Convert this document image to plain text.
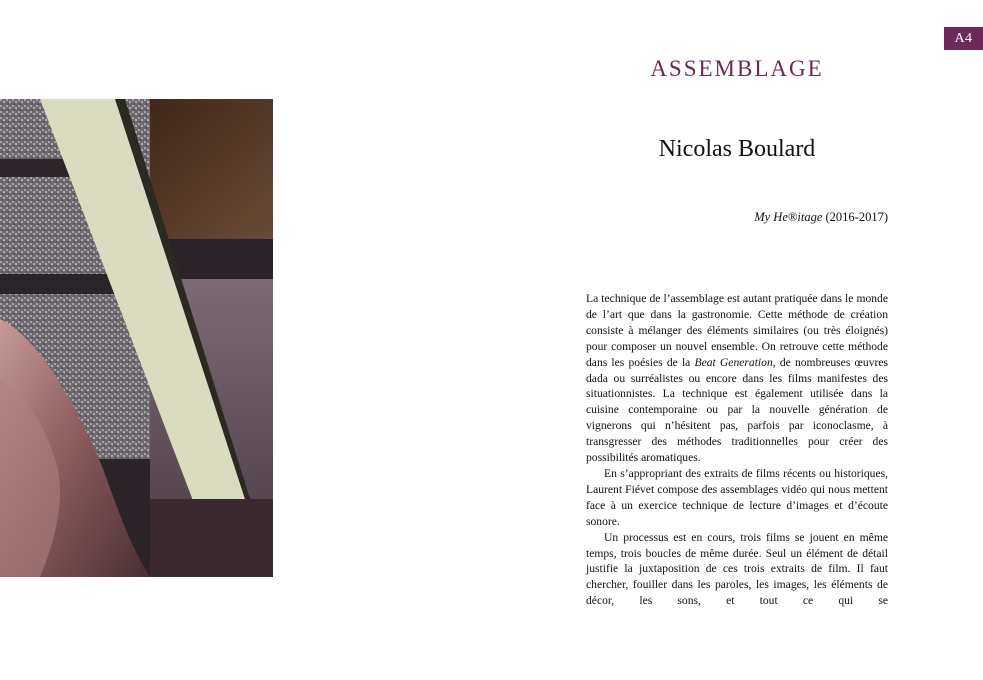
A4
ASSEMBLAGE
Nicolas Boulard
My He®itage (2016-2017)

La technique de l’assemblage est autant pratiquée dans le monde de l’art que dans la gastronomie. Cette méthode de création consiste à mélanger des éléments similaires (ou très éloignés) pour composer un nouvel ensemble. On retrouve cette méthode dans les poésies de la Beat Generation, de nombreuses œuvres dada ou surréalistes ou encore dans les films manifestes des situationnistes. La technique est également utilisée dans la cuisine contemporaine ou par la nouvelle génération de vignerons qui n’hésitent pas, parfois par iconoclasme, à transgresser des méthodes traditionnelles pour créer des possibilités aromatiques.

En s’appropriant des extraits de films récents ou historiques, Laurent Fiévet compose des assemblages vidéo qui nous mettent face à un exercice technique de lecture d’images et d’écoute sonore.

Un processus est en cours, trois films se jouent en même temps, trois boucles de même durée. Seul un élément de détail justifie la juxtaposition de ces trois extraits de film. Il faut chercher, fouiller dans les paroles, les images, les éléments de décor, les sons, et tout ce qui se
